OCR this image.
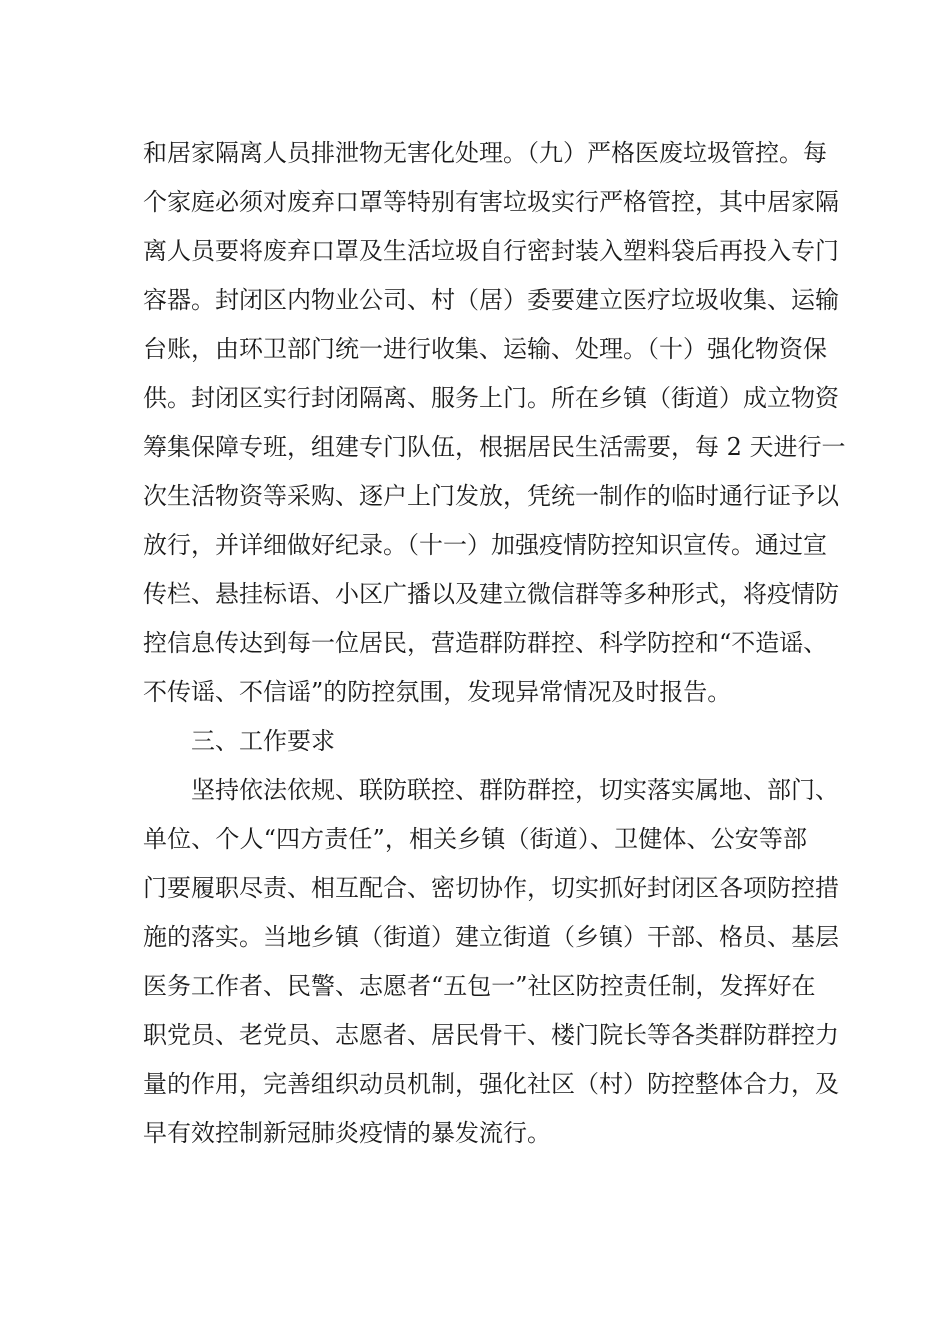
和居家隔离人员排泄物无害化处理。（九）严格医废垃圾管控。每
个家庭必须对废弃口罩等特别有害垃圾实行严格管控，其中居家隔
离人员要将废弃口罩及生活垃圾自行密封装入塑料袋后再投入专门
容器。封闭区内物业公司、村（居）委要建立医疗垃圾收集、运输
台账，由环卫部门统一进行收集、运输、处理。（十）强化物资保
供。封闭区实行封闭隔离、服务上门。所在乡镇（街道）成立物资
筹集保障专班，组建专门队伍，根据居民生活需要，每 2 天进行一
次生活物资等采购、逐户上门发放，凭统一制作的临时通行证予以
放行，并详细做好纪录。（十一）加强疫情防控知识宣传。通过宣
传栏、悬挂标语、小区广播以及建立微信群等多种形式，将疫情防
控信息传达到每一位居民，营造群防群控、科学防控和“不造谣、
不传谣、不信谣”的防控氛围，发现异常情况及时报告。
三、工作要求
坚持依法依规、联防联控、群防群控，切实落实属地、部门、
单位、个人“四方责任”，相关乡镇（街道）、卫健体、公安等部
门要履职尽责、相互配合、密切协作，切实抓好封闭区各项防控措
施的落实。当地乡镇（街道）建立街道（乡镇）干部、格员、基层
医务工作者、民警、志愿者“五包一”社区防控责任制，发挥好在
职党员、老党员、志愿者、居民骨干、楼门院长等各类群防群控力
量的作用，完善组织动员机制，强化社区（村）防控整体合力，及
早有效控制新冠肺炎疫情的暴发流行。
